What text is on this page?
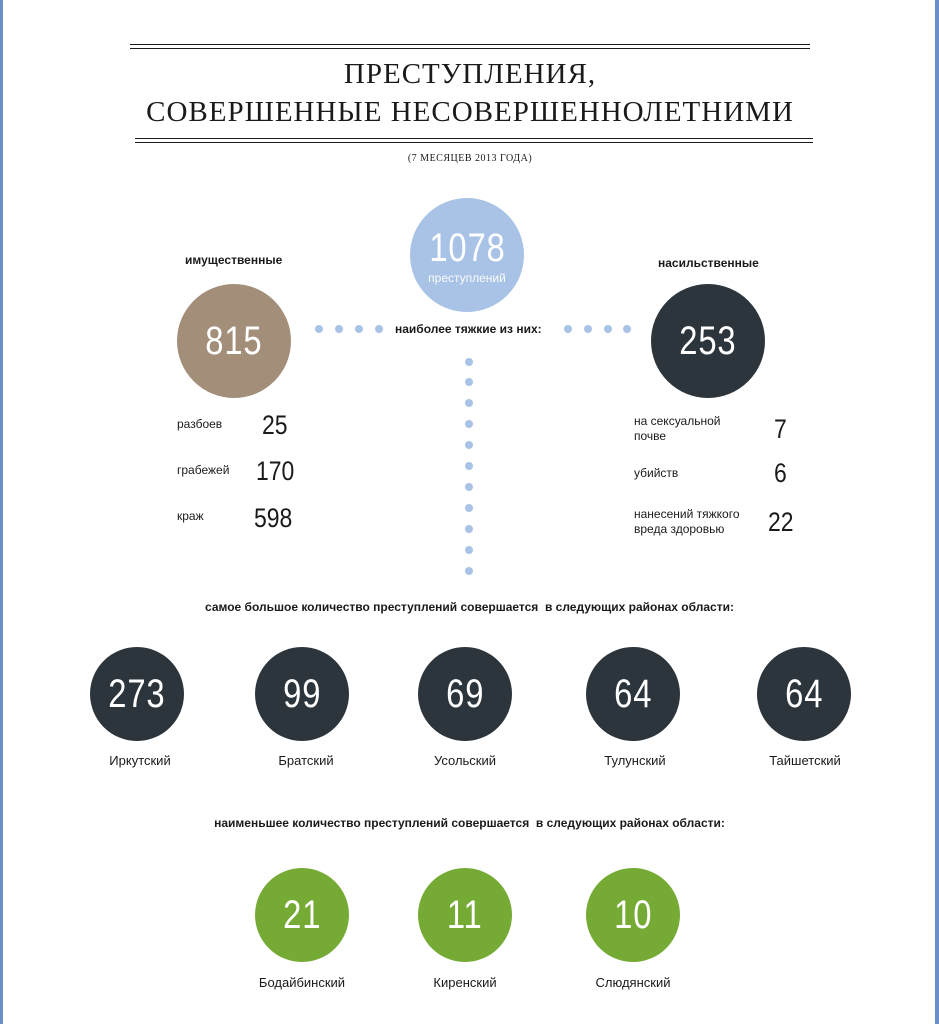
ПРЕСТУПЛЕНИЯ,
СОВЕРШЕННЫЕ НЕСОВЕРШЕННОЛЕТНИМИ
(7 МЕСЯЦЕВ 2013 ГОДА)
1078
преступлений
имущественные
815
насильственные
253
наиболее тяжкие из них:
разбоев 25
грабежей 170
краж 598
на сексуальной почве	7
убийств	6
нанесений тяжкого вреда здоровью	22
самое большое количество преступлений совершается  в следующих районах области:
273	99	69	64	64
Иркутский	Братский	Усольский	Тулунский	Тайшетский
наименьшее количество преступлений совершается  в следующих районах области:
21	11	10
Бодайбинский	Киренский	Слюдянский
